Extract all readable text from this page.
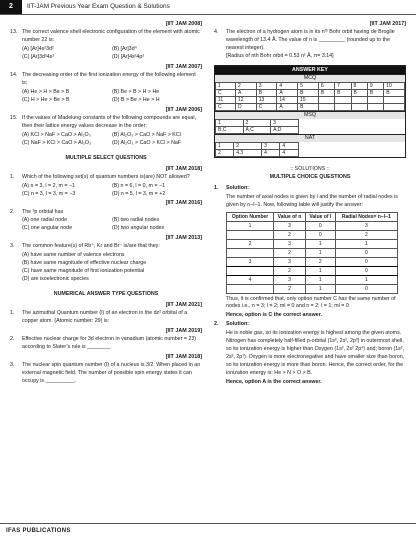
2	IIT-JAM Previous Year Exam Question & Solutions
[IIT JAM 2008]
13. The correct valence shell electronic configuration of the element with atomic number 22 is:
(A) [Ar]4s²3d²	(B) [Ar]3d⁴
(C) [Ar]3d²4s²	(D) [Ar]4s²4p²
[IIT JAM 2007]
14. The decreasing order of the first ionization energy of the following element is;
(A) He > H > Be > B	(B) Be > B > H > He
(C) H > He > Be > B	(D) B > Be > He > H
[IIT JAM 2006]
15. If the values of Madelung constants of the following compounds are equal, then their lattice energy values decrease in the order:
(A) KCl > NaF > CaO > Al₂O₃	(B) Al₂O₃ > CaO > NaF > KCl
(C) NaF > KCl > CaO > Al₂O₃	(D) Al₂O₃ > CaO > KCl > NaF
MULTIPLE SELECT QUESTIONS
[IIT JAM 2018]
1.	Which of the following set(s) of quantum numbers is(are) NOT allowed?
(A) n = 3, l = 2, m = −1	(B) n = 6, l = 0, m = −1
(C) n = 3, l = 3, m = −3	(D) n = 5, l = 3, m = +2
[IIT JAM 2016]
2.	The ³p orbital has
(A) one radial node	(B) two radial nodes
(C) one angular node	(D) two angular nodes
[IIT JAM 2013]
3.	The common feature(s) of Rb⁺, Kr and Br⁻ is/are that they:
(A) have same number of valence electrons
(B) have same magnitude of effective nuclear charge
(C) have same magnitude of first ionization potential
(D) are isoelectronic species
NUMERICAL ANSWER TYPE QUESTIONS
[IIT JAM 2021]
1.	The azimuthal Quantum number (l) of an electron in the dz² orbital of a copper atom. (Atomic number: 29) is:
[IIT JAM 2019]
2.	Effective nuclear charge for 3d electron in vanadium (atomic number = 23) according to Slater’s rule is ________
[IIT JAM 2018]
3.	The nuclear spin quantum number (I) of a nucleus is 3/2. When placed in an external magnetic field. The number of possible spin energy states it can occupy is __________.
[IIT JAM 2017]
4.	The electron of a hydrogen atom is in its nᵗʰ Bohr orbit having de Broglie wavelength of 13.4 Å. The value of n is _________ (rounded up to the nearest integer).
[Radius of nth Bohr orbit = 0.53 n² Å, π= 3.14]
ANSWER KEY
MCQ
1	2	3	4	5	6	7	8	9	10
C	A	B	A	B	B	B	B	B	B
11	12	13	14	15					
C	D	C	A	B					
MSQ
1	2	3
B,C	A,C	A,D
NAT
1	2	3	4
2	4.3	4	4
:: SOLUTIONS ::
MULTIPLE CHOICE QUESTIONS
1.	Solution:
The number of axial nodes is given by l and the number of radial nodes is given by n−l−1. Now, following table will justify the answer:
Option Number	Value of n	Value of l	Radial Nodes= n−l−1
1	3	0	3
	2	0	2
2	3	1	1
	2	1	0
3	3	2	0
	2	1	0
4	3	1	1
	2	1	0
Thus, it is confirmed that, only option number C has the same number of nodes i.e., n = 3; l = 2; ml = 0 and n = 2; l = 1; ml = 0
Hence, option is C the correct answer.
2.	Solution:
He is noble gas, so its ionization energy is highest among the given atoms. Nitrogen has completely half-filled p-orbital (1s², 2s², 2p³) in outermost shell, so its ionization energy is higher than Oxygen (1s², 2s² 2p⁴) and; boron (1s², 2s², 2p¹). Oxygen is more electronegative and have smaller size than boron, so its ionization energy is more than boron. Hence, the correct order, for the ionization energy is: He > N > O > B.
Hence, option A is the correct answer.
IFAS PUBLICATIONS
